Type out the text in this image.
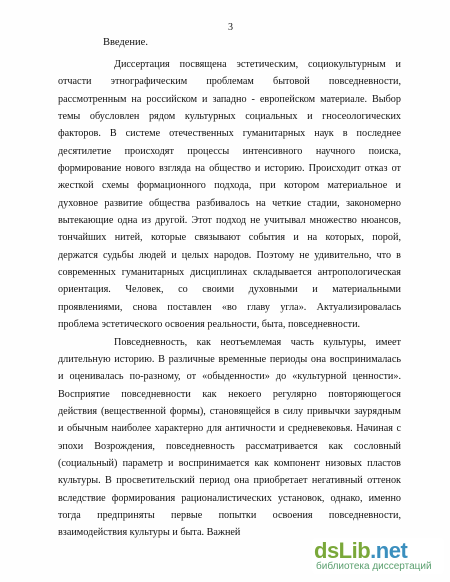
3
Введение.
Диссертация посвящена эстетическим, социокультурным и
отчасти этнографическим проблемам бытовой повседневности,
рассмотренным на российском и западно - европейском материале. Выбор
темы обусловлен рядом культурных социальных и гносеологических
факторов. В системе отечественных гуманитарных наук в последнее
десятилетие происходят процессы интенсивного научного поиска,
формирование нового взгляда на общество и историю. Происходит отказ от
жесткой схемы формационного подхода, при котором материальное и
духовное развитие общества разбивалось на четкие стадии, закономерно
вытекающие одна из другой. Этот подход не учитывал множество нюансов,
тончайших нитей, которые связывают события и на которых, порой,
держатся судьбы людей и целых народов. Поэтому не удивительно, что в
современных гуманитарных дисциплинах складывается антропологическая
ориентация. Человек, со своими духовными и материальными
проявлениями, снова поставлен «во главу угла». Актуализировалась
проблема эстетического освоения реальности, быта, повседневности.
Повседневность, как неотъемлемая часть культуры, имеет
длительную историю. В различные временные периоды она воспринималась
и оценивалась по-разному, от «обыденности» до «культурной ценности».
Восприятие повседневности как некоего регулярно повторяющегося
действия (вещественной формы), становящейся в силу привычки заурядным
и обычным наиболее характерно для античности и средневековья. Начиная с
эпохи Возрождения, повседневность рассматривается как сословный
(социальный) параметр и воспринимается как компонент низовых пластов
культуры. В просветительский период она приобретает негативный оттенок
вследствие формирования рационалистических установок, однако, именно
тогда предприняты первые попытки освоения повседневности,
взаимодействия культуры и быта. Важней
dsLib.net
библиотека диссертаций
